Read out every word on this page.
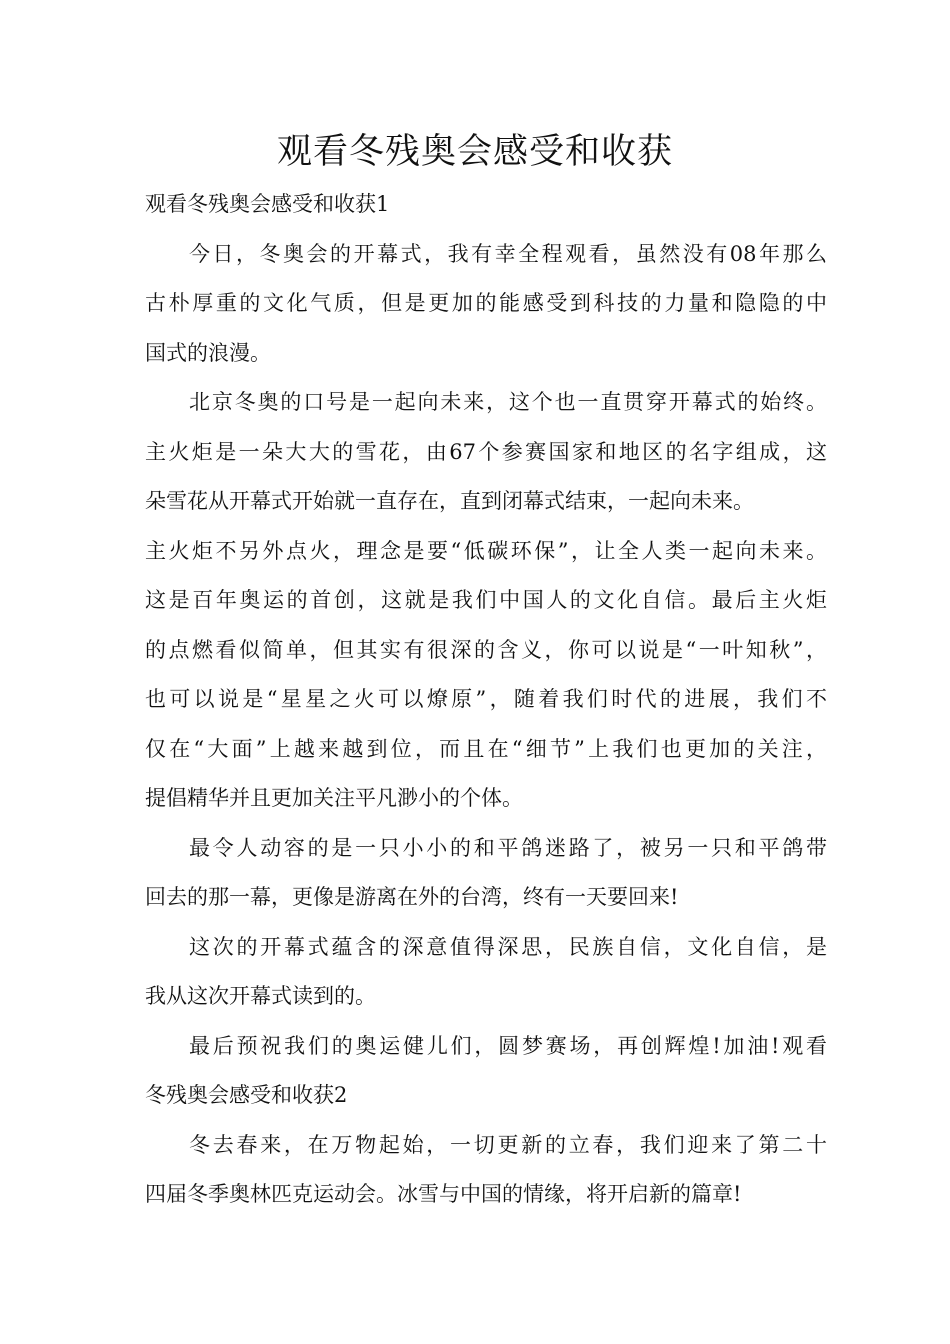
观看冬残奥会感受和收获
观看冬残奥会感受和收获1
今日，冬奥会的开幕式，我有幸全程观看，虽然没有08年那么
古朴厚重的文化气质，但是更加的能感受到科技的力量和隐隐的中
国式的浪漫。
北京冬奥的口号是一起向未来，这个也一直贯穿开幕式的始终。
主火炬是一朵大大的雪花，由67个参赛国家和地区的名字组成，这
朵雪花从开幕式开始就一直存在，直到闭幕式结束，一起向未来。
主火炬不另外点火，理念是要“低碳环保”，让全人类一起向未来。
这是百年奥运的首创，这就是我们中国人的文化自信。最后主火炬
的点燃看似简单，但其实有很深的含义，你可以说是“一叶知秋”，
也可以说是“星星之火可以燎原”，随着我们时代的进展，我们不
仅在“大面”上越来越到位，而且在“细节”上我们也更加的关注，
提倡精华并且更加关注平凡渺小的个体。
最令人动容的是一只小小的和平鸽迷路了，被另一只和平鸽带
回去的那一幕，更像是游离在外的台湾，终有一天要回来!
这次的开幕式蕴含的深意值得深思，民族自信，文化自信，是
我从这次开幕式读到的。
最后预祝我们的奥运健儿们，圆梦赛场，再创辉煌!加油!观看
冬残奥会感受和收获2
冬去春来，在万物起始，一切更新的立春，我们迎来了第二十
四届冬季奥林匹克运动会。冰雪与中国的情缘，将开启新的篇章!
